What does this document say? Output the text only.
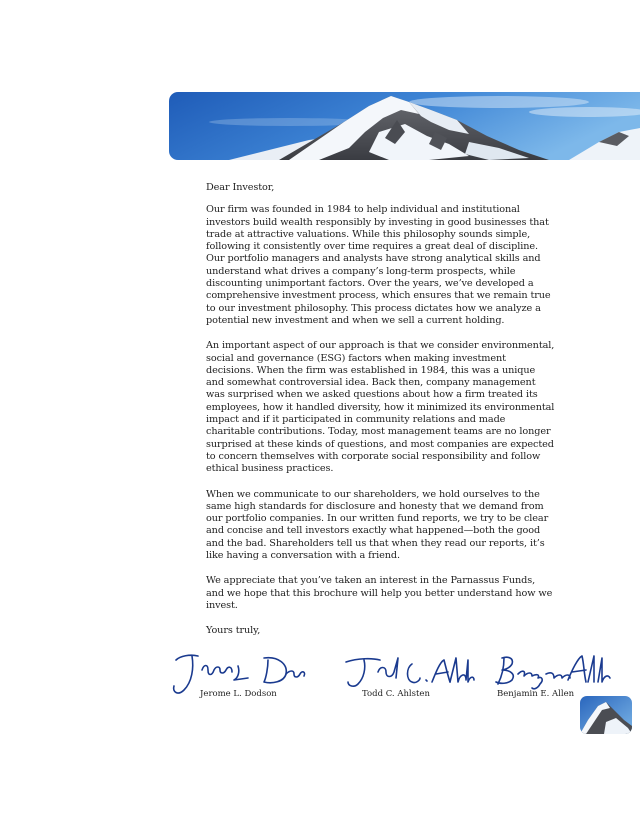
Dear Investor,

Our firm was founded in 1984 to help individual and institutional investors build wealth responsibly by investing in good businesses that trade at attractive valuations. While this philosophy sounds simple, following it consistently over time requires a great deal of discipline. Our portfolio managers and analysts have strong analytical skills and understand what drives a company’s long-term prospects, while discounting unimportant factors. Over the years, we’ve developed a comprehensive investment process, which ensures that we remain true to our investment philosophy. This process dictates how we analyze a potential new investment and when we sell a current holding.

An important aspect of our approach is that we consider environmental, social and governance (ESG) factors when making investment decisions. When the firm was established in 1984, this was a unique and somewhat controversial idea. Back then, company management was surprised when we asked questions about how a firm treated its employees, how it handled diversity, how it minimized its environmental impact and if it participated in community relations and made charitable contributions. Today, most management teams are no longer surprised at these kinds of questions, and most companies are expected to concern themselves with corporate social responsibility and follow ethical business practices.

When we communicate to our shareholders, we hold ourselves to the same high standards for disclosure and honesty that we demand from our portfolio companies. In our written fund reports, we try to be clear and concise and tell investors exactly what happened—both the good and the bad. Shareholders tell us that when they read our reports, it’s like having a conversation with a friend.

We appreciate that you’ve taken an interest in the Parnassus Funds, and we hope that this brochure will help you better understand how we invest.

Yours truly,

Jerome L. Dodson	Todd C. Ahlsten	Benjamin E. Allen
